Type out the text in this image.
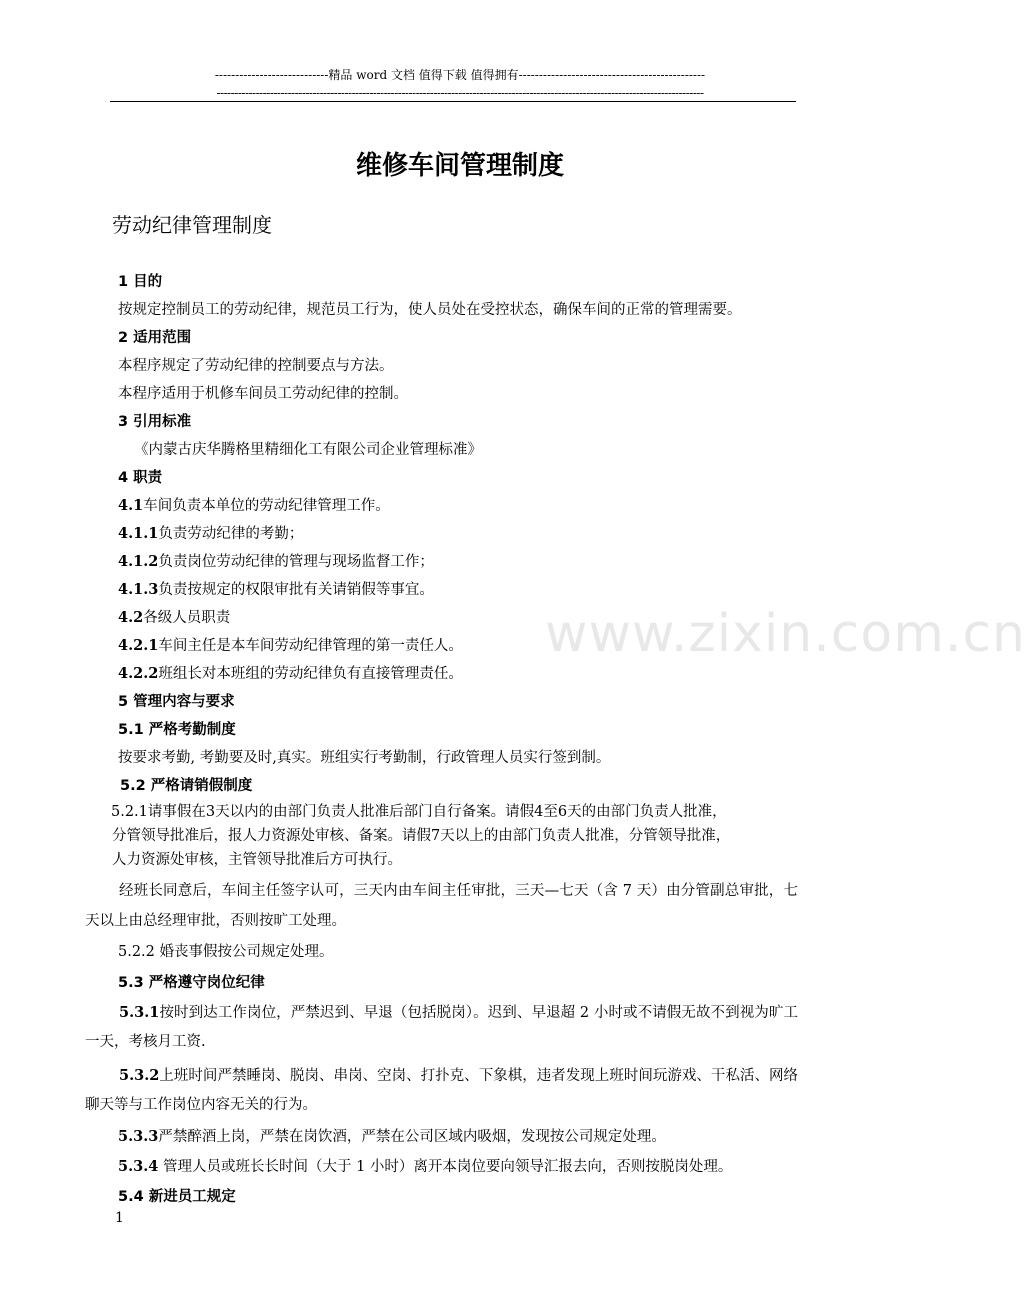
----------------------------精品 word 文档 值得下载 值得拥有----------------------------------------------
-----------------------------------------------------------------------------------------------------------------------------------------
维修车间管理制度
劳动纪律管理制度
1 目的
按规定控制员工的劳动纪律，规范员工行为，使人员处在受控状态，确保车间的正常的管理需要。
2 适用范围
本程序规定了劳动纪律的控制要点与方法。
本程序适用于机修车间员工劳动纪律的控制。
3 引用标准
《内蒙古庆华腾格里精细化工有限公司企业管理标准》
4 职责
4.1车间负责本单位的劳动纪律管理工作。
4.1.1负责劳动纪律的考勤；
4.1.2负责岗位劳动纪律的管理与现场监督工作；
4.1.3负责按规定的权限审批有关请销假等事宜。
4.2各级人员职责
4.2.1车间主任是本车间劳动纪律管理的第一责任人。
4.2.2班组长对本班组的劳动纪律负有直接管理责任。
5 管理内容与要求
5.1 严格考勤制度
按要求考勤, 考勤要及时,真实。班组实行考勤制，行政管理人员实行签到制。
5.2 严格请销假制度
5.2.1请事假在3天以内的由部门负责人批准后部门自行备案。请假4至6天的由部门负责人批准，
分管领导批准后，报人力资源处审核、备案。请假7天以上的由部门负责人批准，分管领导批准，
人力资源处审核，主管领导批准后方可执行。
经班长同意后，车间主任签字认可，三天内由车间主任审批，三天—七天（含 7 天）由分管副总审批，七天以上由总经理审批，否则按旷工处理。
5.2.2 婚丧事假按公司规定处理。
5.3 严格遵守岗位纪律
5.3.1按时到达工作岗位，严禁迟到、早退（包括脱岗）。迟到、早退超 2 小时或不请假无故不到视为旷工一天，考核月工资.
5.3.2上班时间严禁睡岗、脱岗、串岗、空岗、打扑克、下象棋，违者发现上班时间玩游戏、干私活、网络聊天等与工作岗位内容无关的行为。
5.3.3严禁醉酒上岗，严禁在岗饮酒，严禁在公司区域内吸烟，发现按公司规定处理。
5.3.4 管理人员或班长长时间（大于 1 小时）离开本岗位要向领导汇报去向，否则按脱岗处理。
5.4 新进员工规定
www.zixin.com.cn
1
